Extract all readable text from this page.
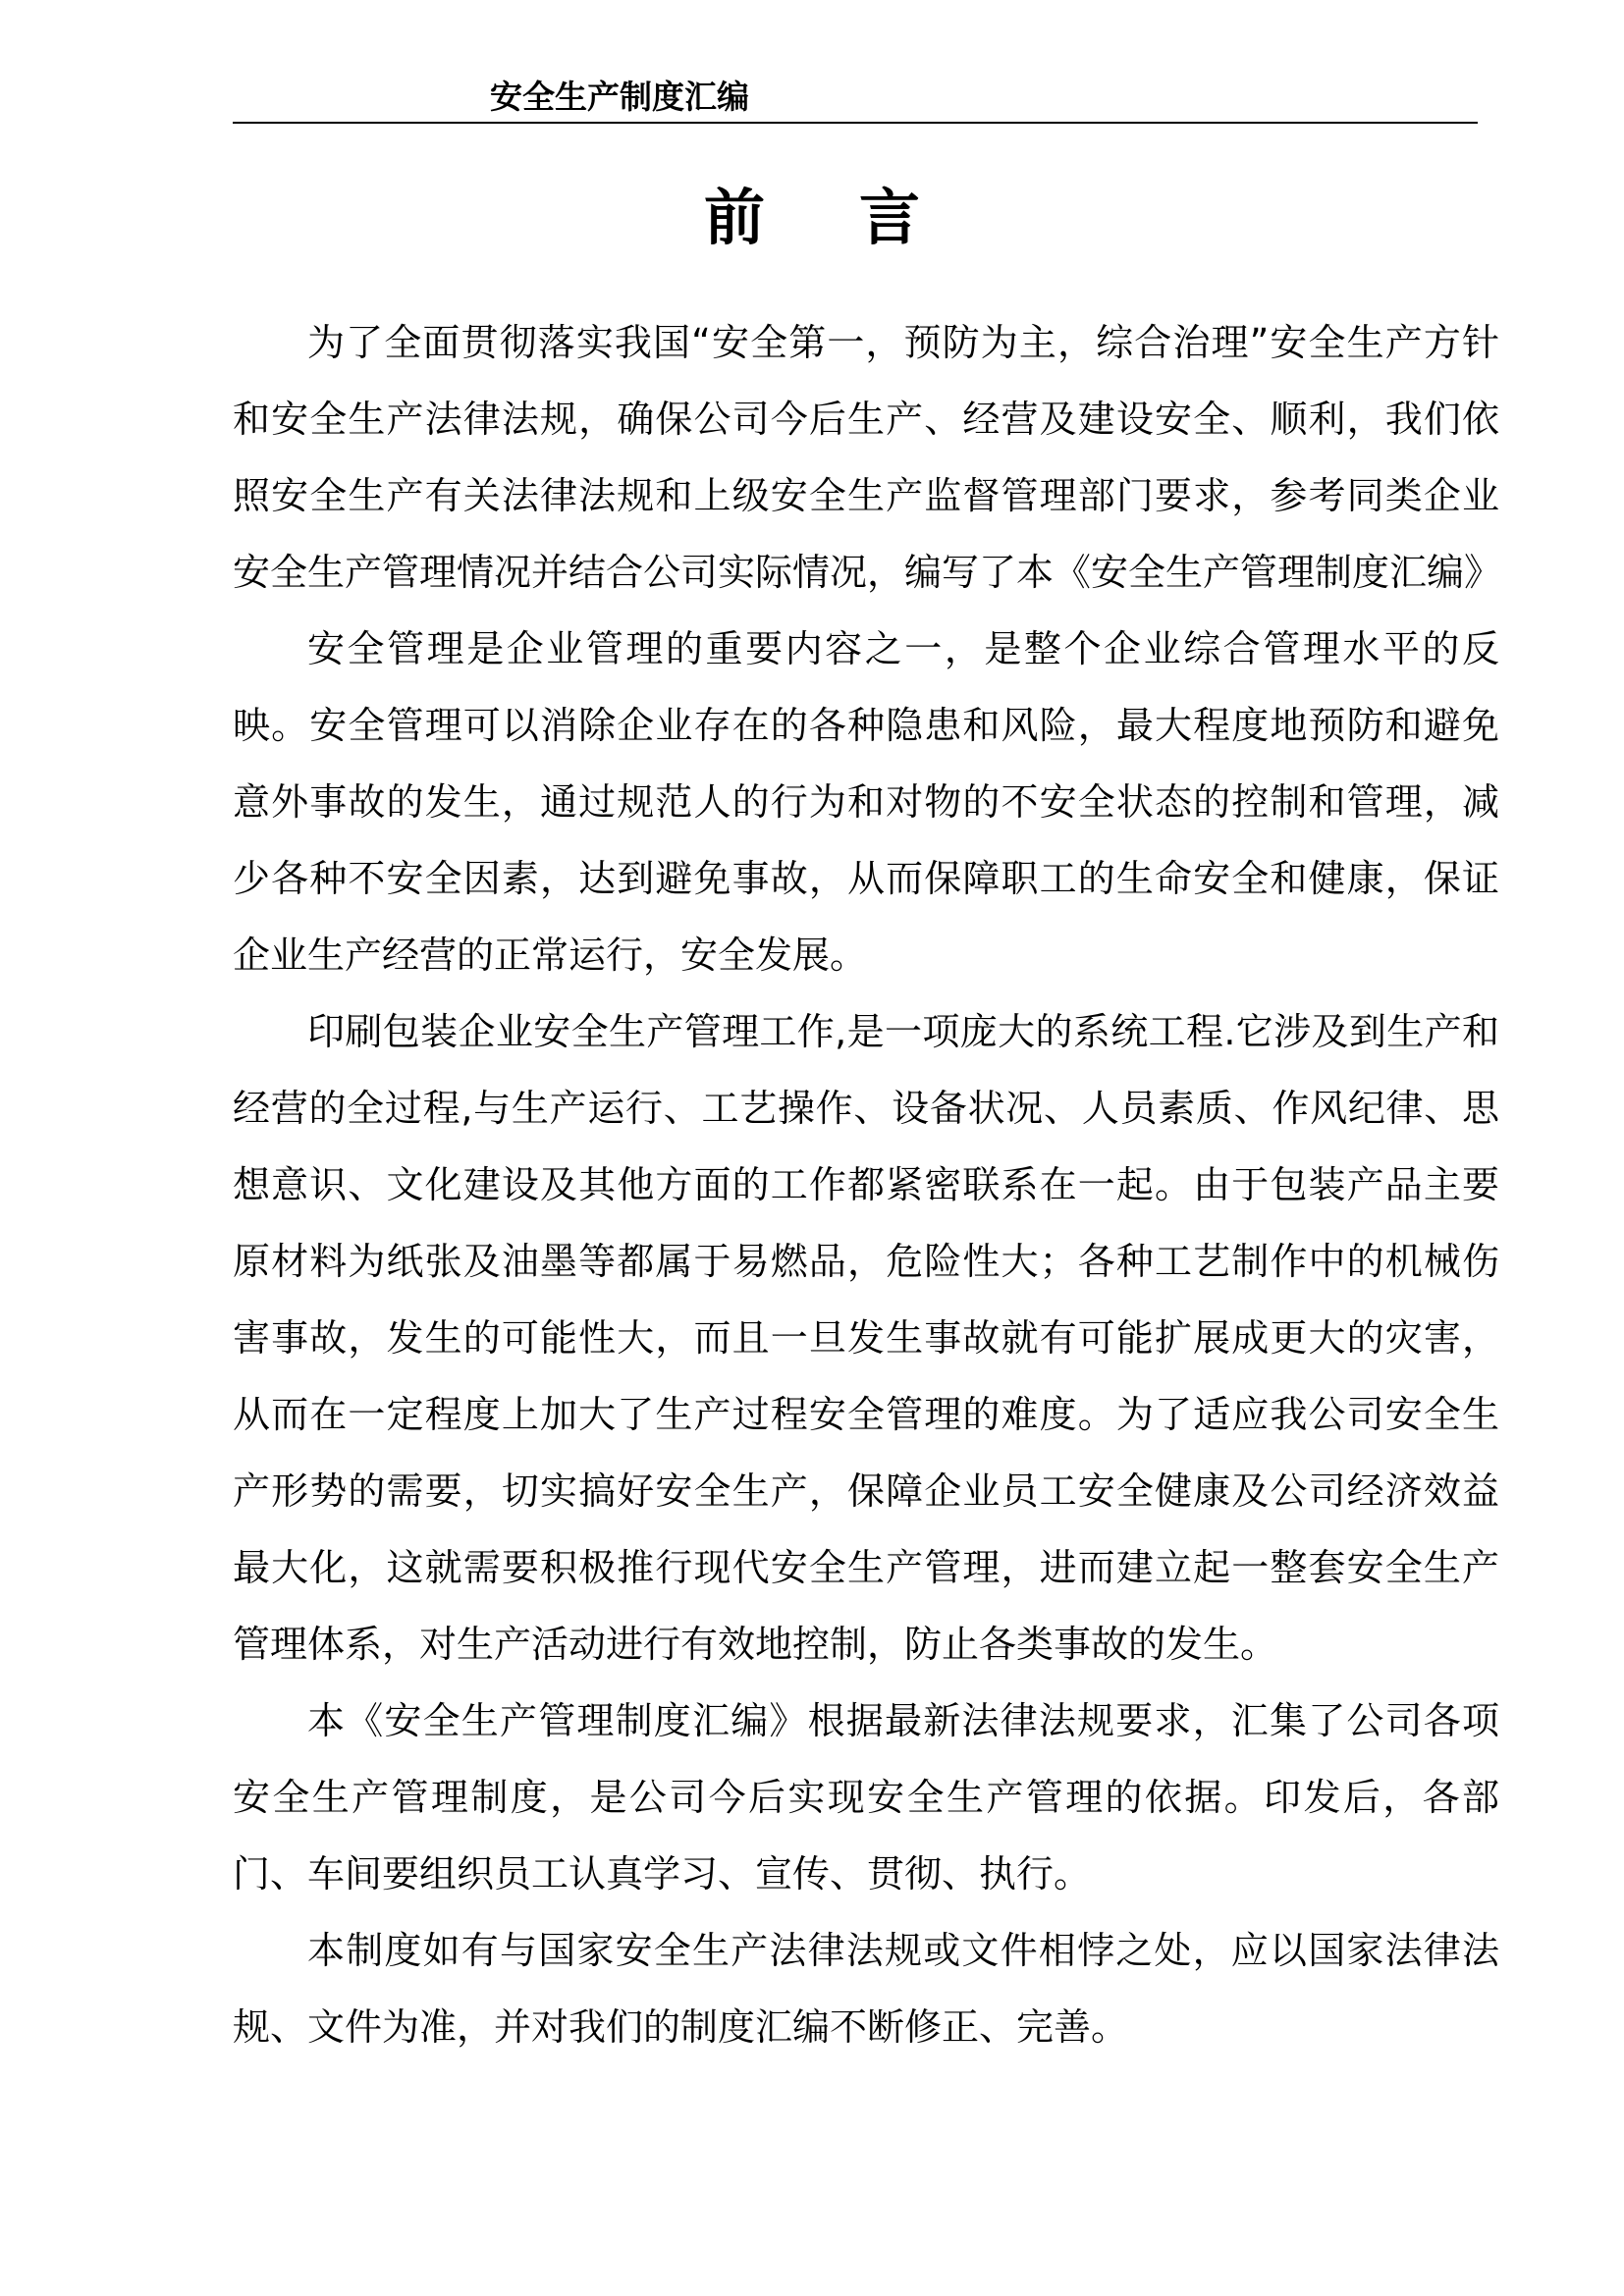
安全生产制度汇编
前言

为了全面贯彻落实我国“安全第一，预防为主，综合治理”安全生产方针和安全生产法律法规，确保公司今后生产、经营及建设安全、顺利，我们依照安全生产有关法律法规和上级安全生产监督管理部门要求，参考同类企业安全生产管理情况并结合公司实际情况，编写了本《安全生产管理制度汇编》

安全管理是企业管理的重要内容之一，是整个企业综合管理水平的反映。安全管理可以消除企业存在的各种隐患和风险，最大程度地预防和避免意外事故的发生，通过规范人的行为和对物的不安全状态的控制和管理，减少各种不安全因素，达到避免事故，从而保障职工的生命安全和健康，保证企业生产经营的正常运行，安全发展。

印刷包装企业安全生产管理工作,是一项庞大的系统工程.它涉及到生产和经营的全过程,与生产运行、工艺操作、设备状况、人员素质、作风纪律、思想意识、文化建设及其他方面的工作都紧密联系在一起。由于包装产品主要原材料为纸张及油墨等都属于易燃品，危险性大；各种工艺制作中的机械伤害事故，发生的可能性大，而且一旦发生事故就有可能扩展成更大的灾害，从而在一定程度上加大了生产过程安全管理的难度。为了适应我公司安全生产形势的需要，切实搞好安全生产，保障企业员工安全健康及公司经济效益最大化，这就需要积极推行现代安全生产管理，进而建立起一整套安全生产管理体系，对生产活动进行有效地控制，防止各类事故的发生。

本《安全生产管理制度汇编》根据最新法律法规要求，汇集了公司各项安全生产管理制度，是公司今后实现安全生产管理的依据。印发后，各部门、车间要组织员工认真学习、宣传、贯彻、执行。

本制度如有与国家安全生产法律法规或文件相悖之处，应以国家法律法规、文件为准，并对我们的制度汇编不断修正、完善。
